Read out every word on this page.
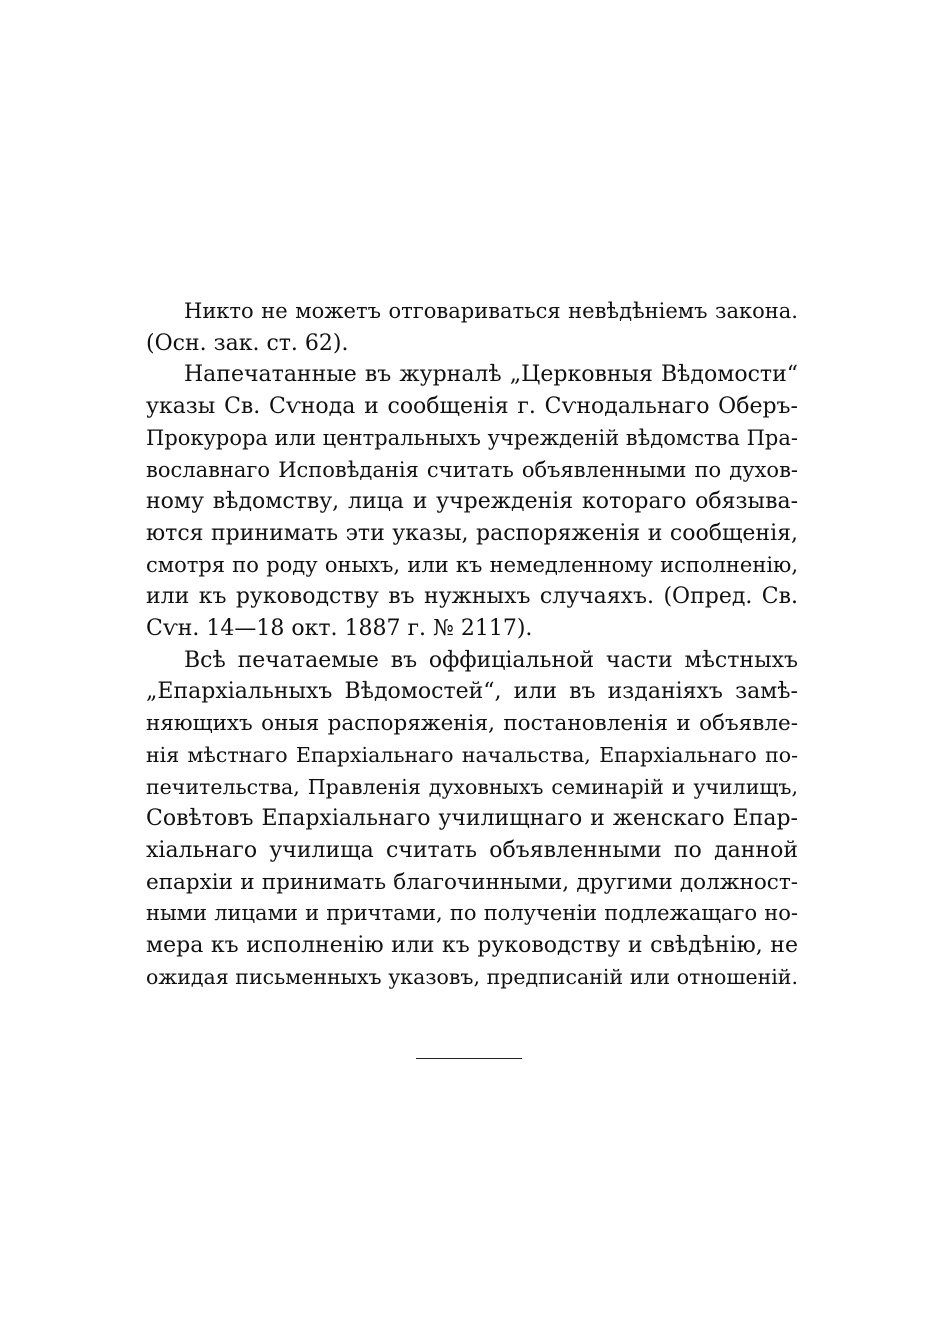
Никто не можетъ отговариваться невѣдѣніемъ закона.
(Осн. зак. ст. 62).
Напечатанные въ журналѣ „Церковныя Вѣдомости“
указы Св. Сѵнода и сообщенія г. Сѵнодальнаго Оберъ-
Прокурора или центральныхъ учрежденій вѣдомства Пра-
вославнаго Исповѣданія считать объявленными по духов-
ному вѣдомству, лица и учрежденія котораго обязыва-
ются принимать эти указы, распоряженія и сообщенія,
смотря по роду оныхъ, или къ немедленному исполненію,
или къ руководству въ нужныхъ случаяхъ. (Опред. Св.
Сѵн. 14—18 окт. 1887 г. № 2117).
Всѣ печатаемые въ оффиціальной части мѣстныхъ
„Епархіальныхъ Вѣдомостей“, или въ изданіяхъ замѣ-
няющихъ оныя распоряженія, постановленія и объявле-
нія мѣстнаго Епархіальнаго начальства, Епархіальнаго по-
печительства, Правленія духовныхъ семинарій и училищъ,
Совѣтовъ Епархіальнаго училищнаго и женскаго Епар-
хіальнаго училища считать объявленными по данной
епархіи и принимать благочинными, другими должност-
ными лицами и причтами, по полученіи подлежащаго но-
мера къ исполненію или къ руководству и свѣдѣнію, не
ожидая письменныхъ указовъ, предписаній или отношеній.
